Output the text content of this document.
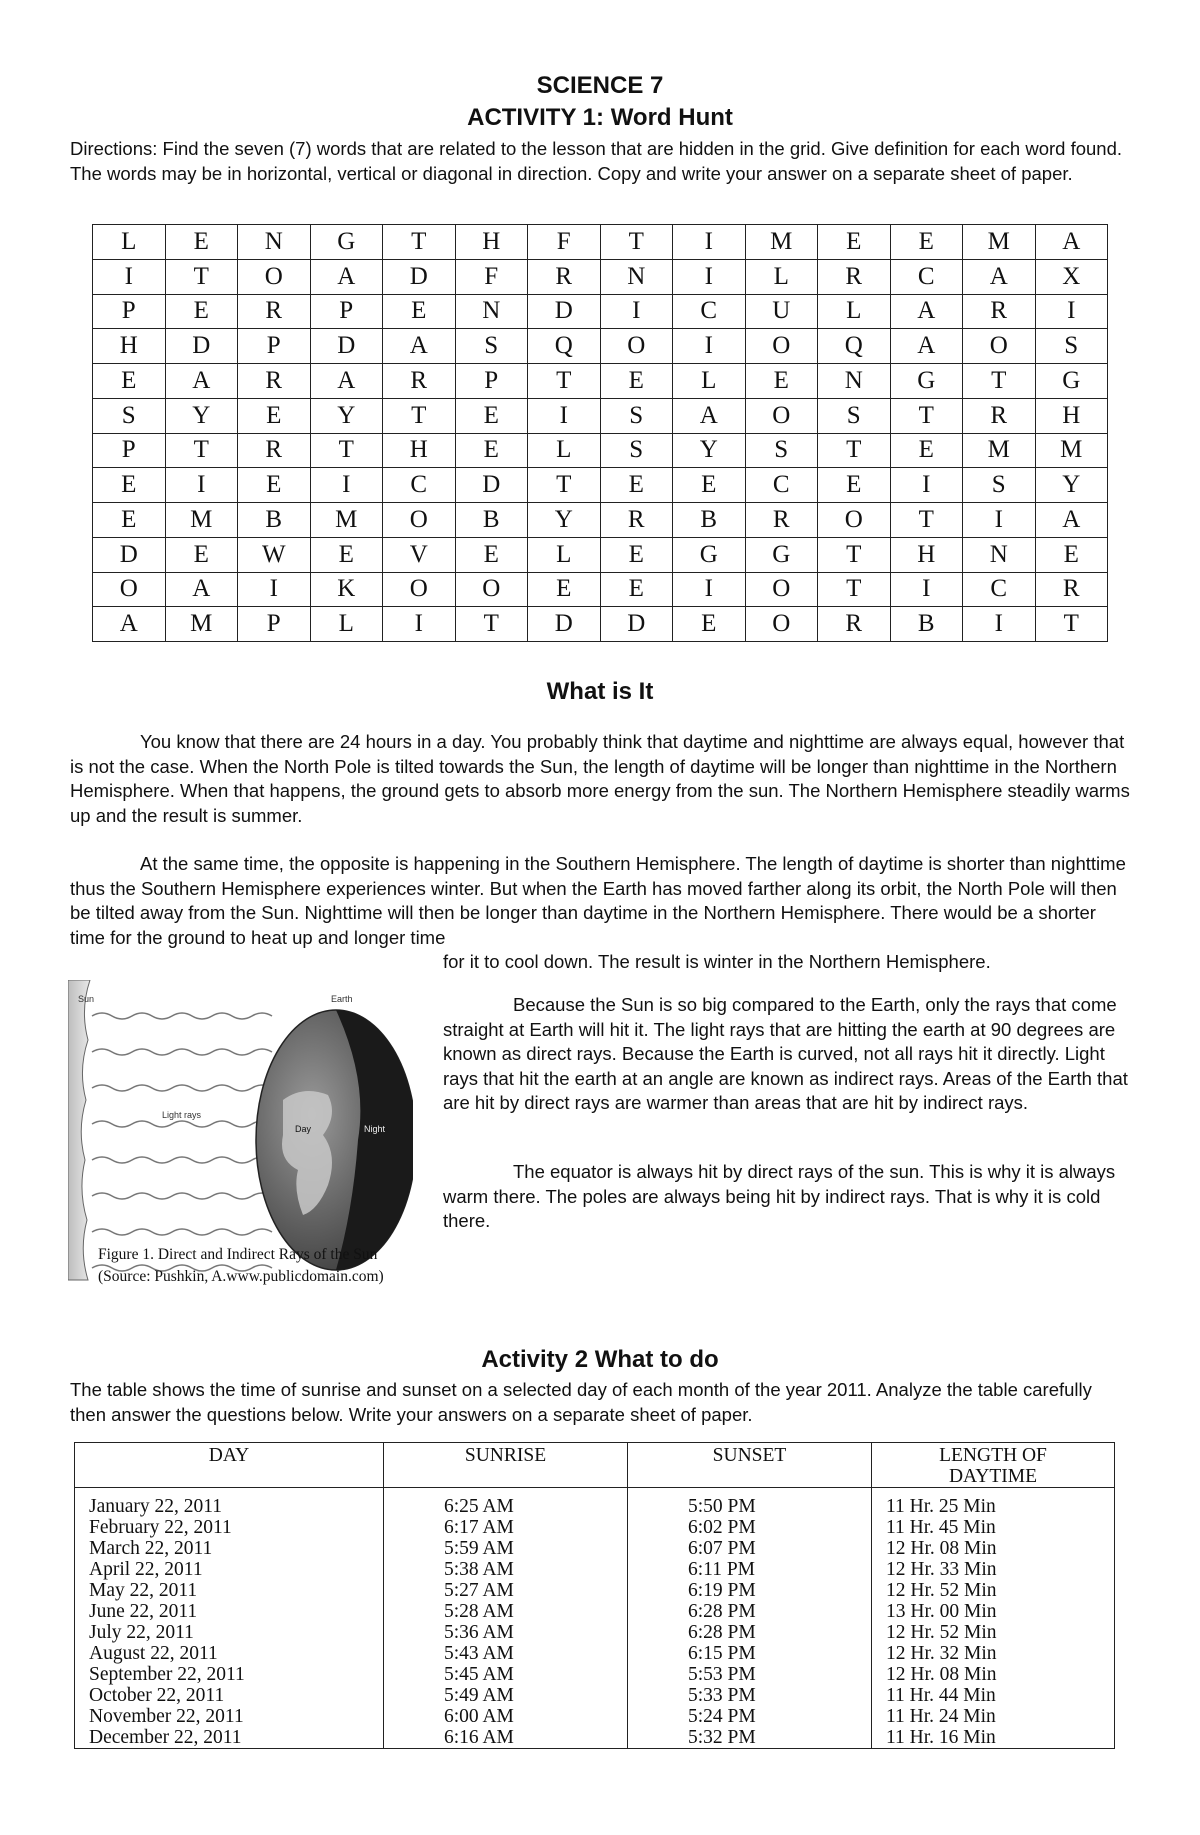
SCIENCE 7
ACTIVITY 1: Word Hunt

Directions: Find the seven (7) words that are related to the lesson that are hidden in the grid. Give definition for each word found. The words may be in horizontal, vertical or diagonal in direction. Copy and write your answer on a separate sheet of paper.

L	E	N	G	T	H	F	T	I	M	E	E	M	A
I	T	O	A	D	F	R	N	I	L	R	C	A	X
P	E	R	P	E	N	D	I	C	U	L	A	R	I
H	D	P	D	A	S	Q	O	I	O	Q	A	O	S
E	A	R	A	R	P	T	E	L	E	N	G	T	G
S	Y	E	Y	T	E	I	S	A	O	S	T	R	H
P	T	R	T	H	E	L	S	Y	S	T	E	M	M
E	I	E	I	C	D	T	E	E	C	E	I	S	Y
E	M	B	M	O	B	Y	R	B	R	O	T	I	A
D	E	W	E	V	E	L	E	G	G	T	H	N	E
O	A	I	K	O	O	E	E	I	O	T	I	C	R
A	M	P	L	I	T	D	D	E	O	R	B	I	T
What is It

You know that there are 24 hours in a day. You probably think that daytime and nighttime are always equal, however that is not the case. When the North Pole is tilted towards the Sun, the length of daytime will be longer than nighttime in the Northern Hemisphere. When that happens, the ground gets to absorb more energy from the sun. The Northern Hemisphere steadily warms up and the result is summer.

At the same time, the opposite is happening in the Southern Hemisphere. The length of daytime is shorter than nighttime thus the Southern Hemisphere experiences winter. But when the Earth has moved farther along its orbit, the North Pole will then be tilted away from the Sun. Nighttime will then be longer than daytime in the Northern Hemisphere. There would be a shorter time for the ground to heat up and longer time

for it to cool down. The result is winter in the Northern Hemisphere.

Sun
Light rays
Earth
Day	Night
Figure 1. Direct and Indirect Rays of the Sun
(Source: Pushkin, A.www.publicdomain.com)

Because the Sun is so big compared to the Earth, only the rays that come straight at Earth will hit it. The light rays that are hitting the earth at 90 degrees are known as direct rays. Because the Earth is curved, not all rays hit it directly. Light rays that hit the earth at an angle are known as indirect rays. Areas of the Earth that are hit by direct rays are warmer than areas that are hit by indirect rays.

The equator is always hit by direct rays of the sun. This is why it is always warm there. The poles are always being hit by indirect rays. That is why it is cold there.

Activity 2 What to do

The table shows the time of sunrise and sunset on a selected day of each month of the year 2011. Analyze the table carefully then answer the questions below. Write your answers on a separate sheet of paper.

DAY	SUNRISE	SUNSET	LENGTH OF
DAYTIME

January 22, 2011	6:25 AM	5:50 PM	11 Hr. 25 Min
February 22, 2011	6:17 AM	6:02 PM	11 Hr. 45 Min
March 22, 2011	5:59 AM	6:07 PM	12 Hr. 08 Min
April 22, 2011	5:38 AM	6:11 PM	12 Hr. 33 Min
May 22, 2011	5:27 AM	6:19 PM	12 Hr. 52 Min
June 22, 2011	5:28 AM	6:28 PM	13 Hr. 00 Min
July 22, 2011	5:36 AM	6:28 PM	12 Hr. 52 Min
August 22, 2011	5:43 AM	6:15 PM	12 Hr. 32 Min
September 22, 2011	5:45 AM	5:53 PM	12 Hr. 08 Min
October 22, 2011	5:49 AM	5:33 PM	11 Hr. 44 Min
November 22, 2011	6:00 AM	5:24 PM	11 Hr. 24 Min
December 22, 2011	6:16 AM	5:32 PM	11 Hr. 16 Min
